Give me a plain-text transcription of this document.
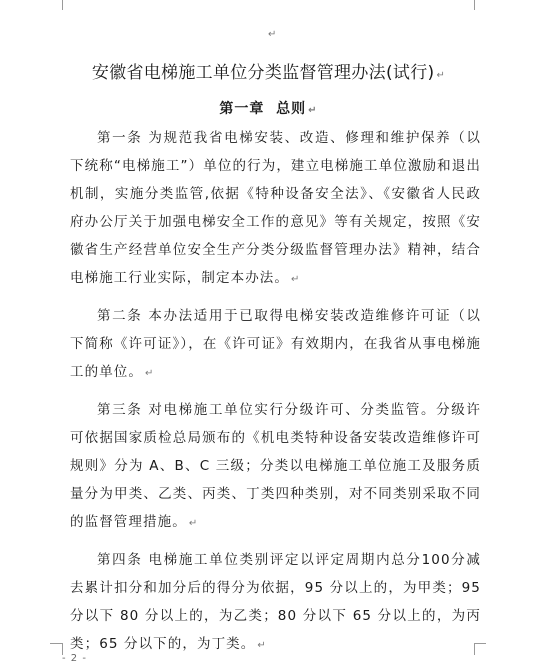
↵
安徽省电梯施工单位分类监督管理办法(试行) ↵
第一章  总则 ↵

第一条 为规范我省电梯安装、改造、修理和维护保养（以下统称“电梯施工”）单位的行为，建立电梯施工单位激励和退出机制，实施分类监管,依据《特种设备安全法》、《安徽省人民政府办公厅关于加强电梯安全工作的意见》等有关规定，按照《安徽省生产经营单位安全生产分类分级监督管理办法》精神，结合电梯施工行业实际，制定本办法。 ↵

第二条 本办法适用于已取得电梯安装改造维修许可证（以下简称《许可证》），在《许可证》有效期内，在我省从事电梯施工的单位。 ↵

第三条 对电梯施工单位实行分级许可、分类监管。分级许可依据国家质检总局颁布的《机电类特种设备安装改造维修许可规则》分为 A、B、C 三级；分类以电梯施工单位施工及服务质量分为甲类、乙类、丙类、丁类四种类别，对不同类别采取不同的监督管理措施。 ↵

第四条 电梯施工单位类别评定以评定周期内总分100分减去累计扣分和加分后的得分为依据，95 分以上的，为甲类；95 分以下 80 分以上的，为乙类；80 分以下 65 分以上的，为丙类；65 分以下的，为丁类。 ↵

- 2 -
